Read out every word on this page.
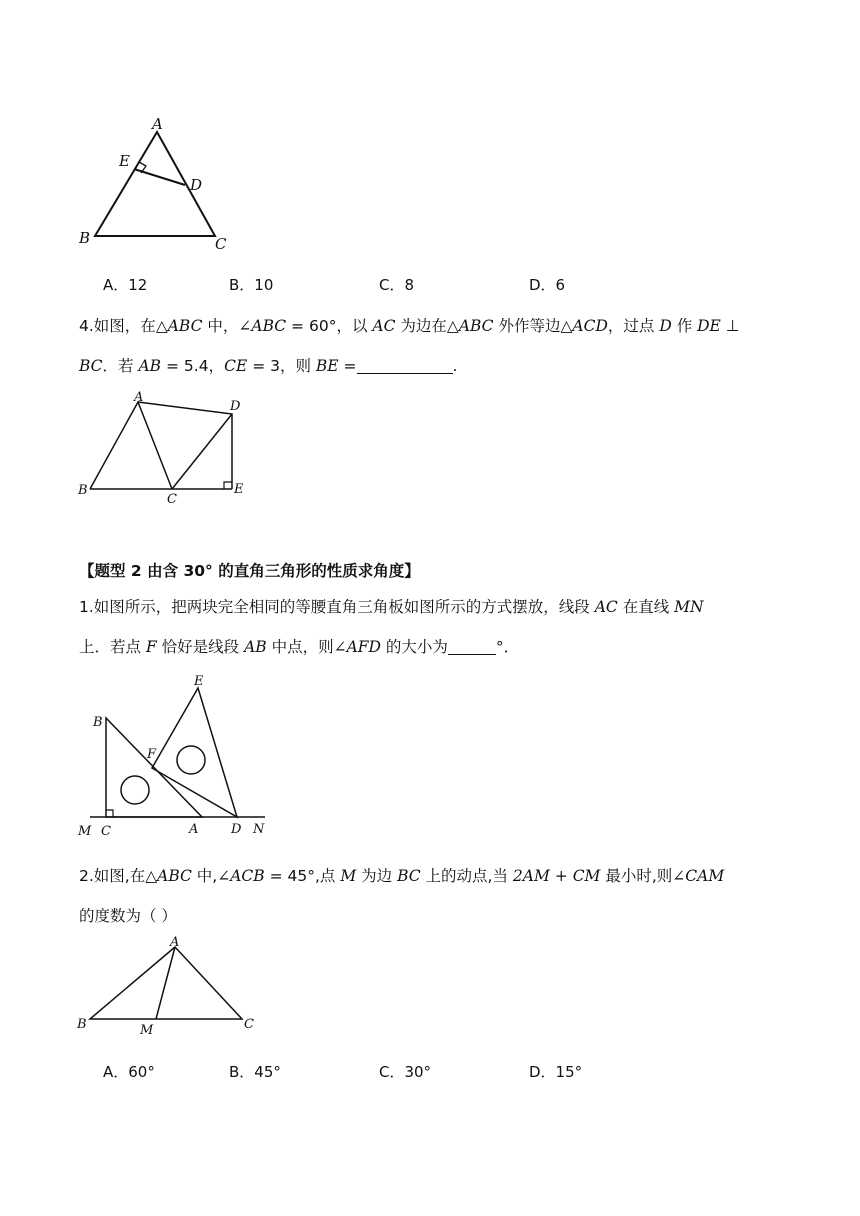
A
E
D
B	C
A．12	B．10	C．8	D．6
4.如图，在△ABC 中，∠ABC = 60°，以 AC 为边在△ABC 外作等边△ACD，过点 D 作 DE ⊥
BC．若 AB = 5.4，CE = 3，则 BE =	.
A
D
B
C
E
【题型 2 由含 30° 的直角三角形的性质求角度】
1.如图所示，把两块完全相同的等腰直角三角板如图所示的方式摆放，线段 AC 在直线 MN
上．若点 F 恰好是线段 AB 中点，则∠AFD 的大小为	°．
E
B
F
M C	A	D N
2.如图,在△ABC 中,∠ACB = 45°,点 M 为边 BC 上的动点,当 2AM + CM 最小时,则∠CAM
的度数为（ ）
A
B	M	C
A．60°	B．45°	C．30°	D．15°
